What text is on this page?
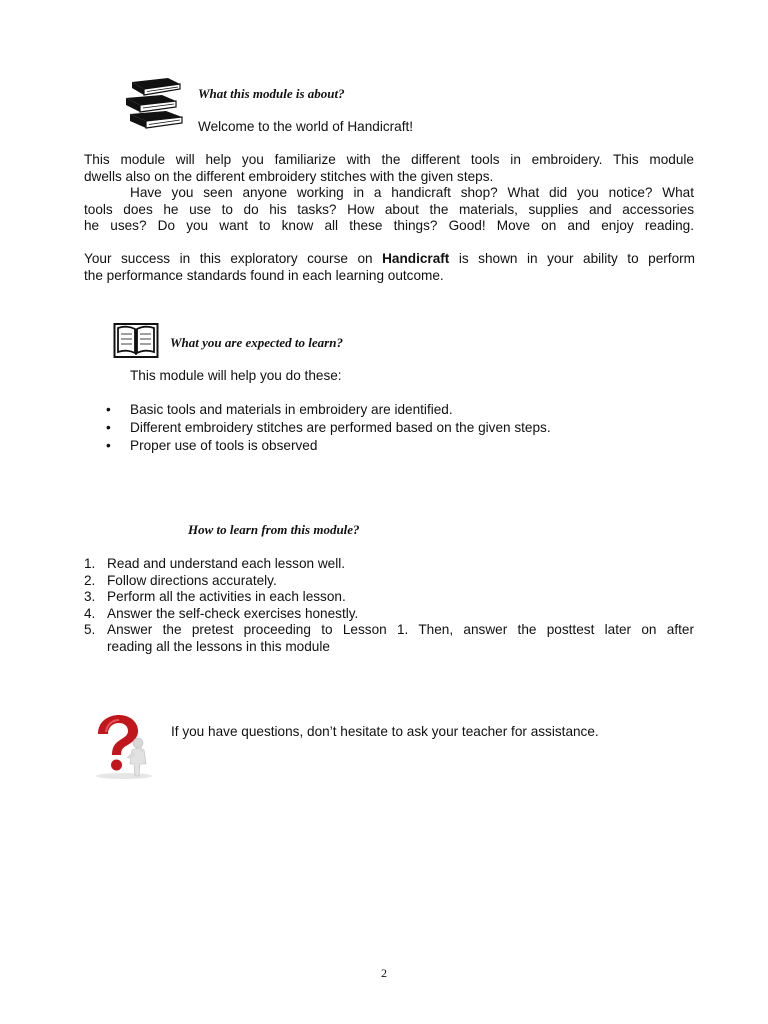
What this module is about?
Welcome to the world of Handicraft!
This module will help you familiarize with the different tools in embroidery. This module
dwells also on the different embroidery stitches with the given steps.
Have you seen anyone working in a handicraft shop? What did you notice? What
tools does he use to do his tasks? How about the materials, supplies and accessories
he uses? Do you want to know all these things? Good! Move on and enjoy reading.
Your success in this exploratory course on Handicraft is shown in your ability to perform
the performance standards found in each learning outcome.
What you are expected to learn?
This module will help you do these:
• Basic tools and materials in embroidery are identified.
• Different embroidery stitches are performed based on the given steps.
• Proper use of tools is observed
How to learn from this module?
1. Read and understand each lesson well.
2. Follow directions accurately.
3. Perform all the activities in each lesson.
4. Answer the self-check exercises honestly.
5. Answer the pretest proceeding to Lesson 1. Then, answer the posttest later on after
reading all the lessons in this module
If you have questions, don’t hesitate to ask your teacher for assistance.
2
